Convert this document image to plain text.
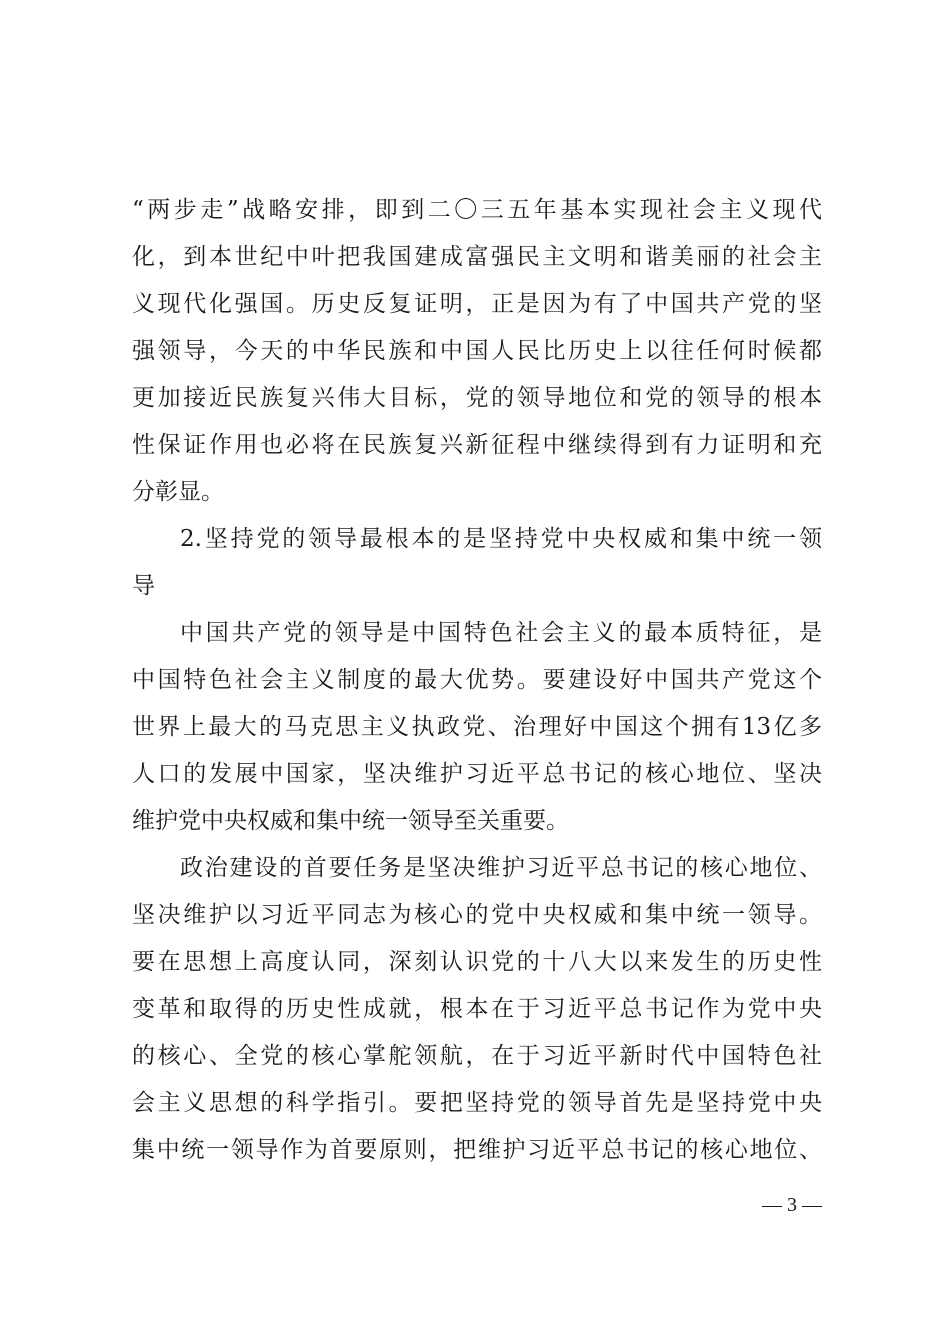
“两步走”战略安排，即到二〇三五年基本实现社会主义现代
化，到本世纪中叶把我国建成富强民主文明和谐美丽的社会主
义现代化强国。历史反复证明，正是因为有了中国共产党的坚
强领导，今天的中华民族和中国人民比历史上以往任何时候都
更加接近民族复兴伟大目标，党的领导地位和党的领导的根本
性保证作用也必将在民族复兴新征程中继续得到有力证明和充
分彰显。
2.坚持党的领导最根本的是坚持党中央权威和集中统一领
导
中国共产党的领导是中国特色社会主义的最本质特征，是
中国特色社会主义制度的最大优势。要建设好中国共产党这个
世界上最大的马克思主义执政党、治理好中国这个拥有13亿多
人口的发展中国家，坚决维护习近平总书记的核心地位、坚决
维护党中央权威和集中统一领导至关重要。
政治建设的首要任务是坚决维护习近平总书记的核心地位、
坚决维护以习近平同志为核心的党中央权威和集中统一领导。
要在思想上高度认同，深刻认识党的十八大以来发生的历史性
变革和取得的历史性成就，根本在于习近平总书记作为党中央
的核心、全党的核心掌舵领航，在于习近平新时代中国特色社
会主义思想的科学指引。要把坚持党的领导首先是坚持党中央
集中统一领导作为首要原则，把维护习近平总书记的核心地位、
— 3 —
